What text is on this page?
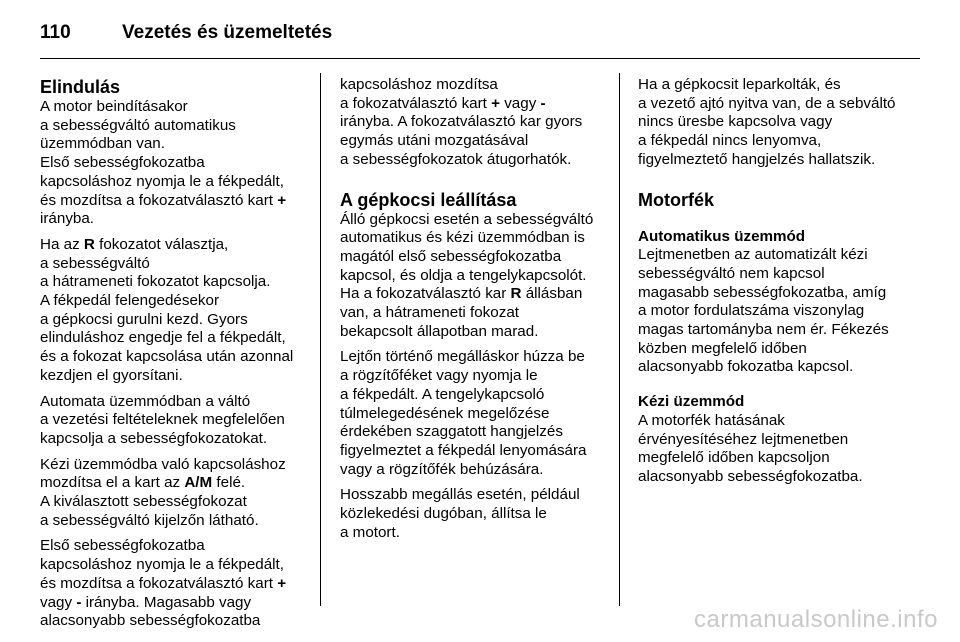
110	Vezetés és üzemeltetés
Elindulás
A motor beindításakor
a sebességváltó automatikus
üzemmódban van.
Első sebességfokozatba
kapcsoláshoz nyomja le a fékpedált,
és mozdítsa a fokozatválasztó kart +
irányba.
Ha az R fokozatot választja,
a sebességváltó
a hátrameneti fokozatot kapcsolja.
A fékpedál felengedésekor
a gépkocsi gurulni kezd. Gyors
elinduláshoz engedje fel a fékpedált,
és a fokozat kapcsolása után azonnal
kezdjen el gyorsítani.
Automata üzemmódban a váltó
a vezetési feltételeknek megfelelően
kapcsolja a sebességfokozatokat.
Kézi üzemmódba való kapcsoláshoz
mozdítsa el a kart az A/M felé.
A kiválasztott sebességfokozat
a sebességváltó kijelzőn látható.
Első sebességfokozatba
kapcsoláshoz nyomja le a fékpedált,
és mozdítsa a fokozatválasztó kart +
vagy - irányba. Magasabb vagy
alacsonyabb sebességfokozatba
kapcsoláshoz mozdítsa
a fokozatválasztó kart + vagy -
irányba. A fokozatválasztó kar gyors
egymás utáni mozgatásával
a sebességfokozatok átugorhatók.
A gépkocsi leállítása
Álló gépkocsi esetén a sebességváltó
automatikus és kézi üzemmódban is
magától első sebességfokozatba
kapcsol, és oldja a tengelykapcsolót.
Ha a fokozatválasztó kar R állásban
van, a hátrameneti fokozat
bekapcsolt állapotban marad.
Lejtőn történő megálláskor húzza be
a rögzítőféket vagy nyomja le
a fékpedált. A tengelykapcsoló
túlmelegedésének megelőzése
érdekében szaggatott hangjelzés
figyelmeztet a fékpedál lenyomására
vagy a rögzítőfék behúzására.
Hosszabb megállás esetén, például
közlekedési dugóban, állítsa le
a motort.
Ha a gépkocsit leparkolták, és
a vezető ajtó nyitva van, de a sebváltó
nincs üresbe kapcsolva vagy
a fékpedál nincs lenyomva,
figyelmeztető hangjelzés hallatszik.
Motorfék
Automatikus üzemmód
Lejtmenetben az automatizált kézi
sebességváltó nem kapcsol
magasabb sebességfokozatba, amíg
a motor fordulatszáma viszonylag
magas tartományba nem ér. Fékezés
közben megfelelő időben
alacsonyabb fokozatba kapcsol.
Kézi üzemmód
A motorfék hatásának
érvényesítéséhez lejtmenetben
megfelelő időben kapcsoljon
alacsonyabb sebességfokozatba.
carmanualsonline.info
